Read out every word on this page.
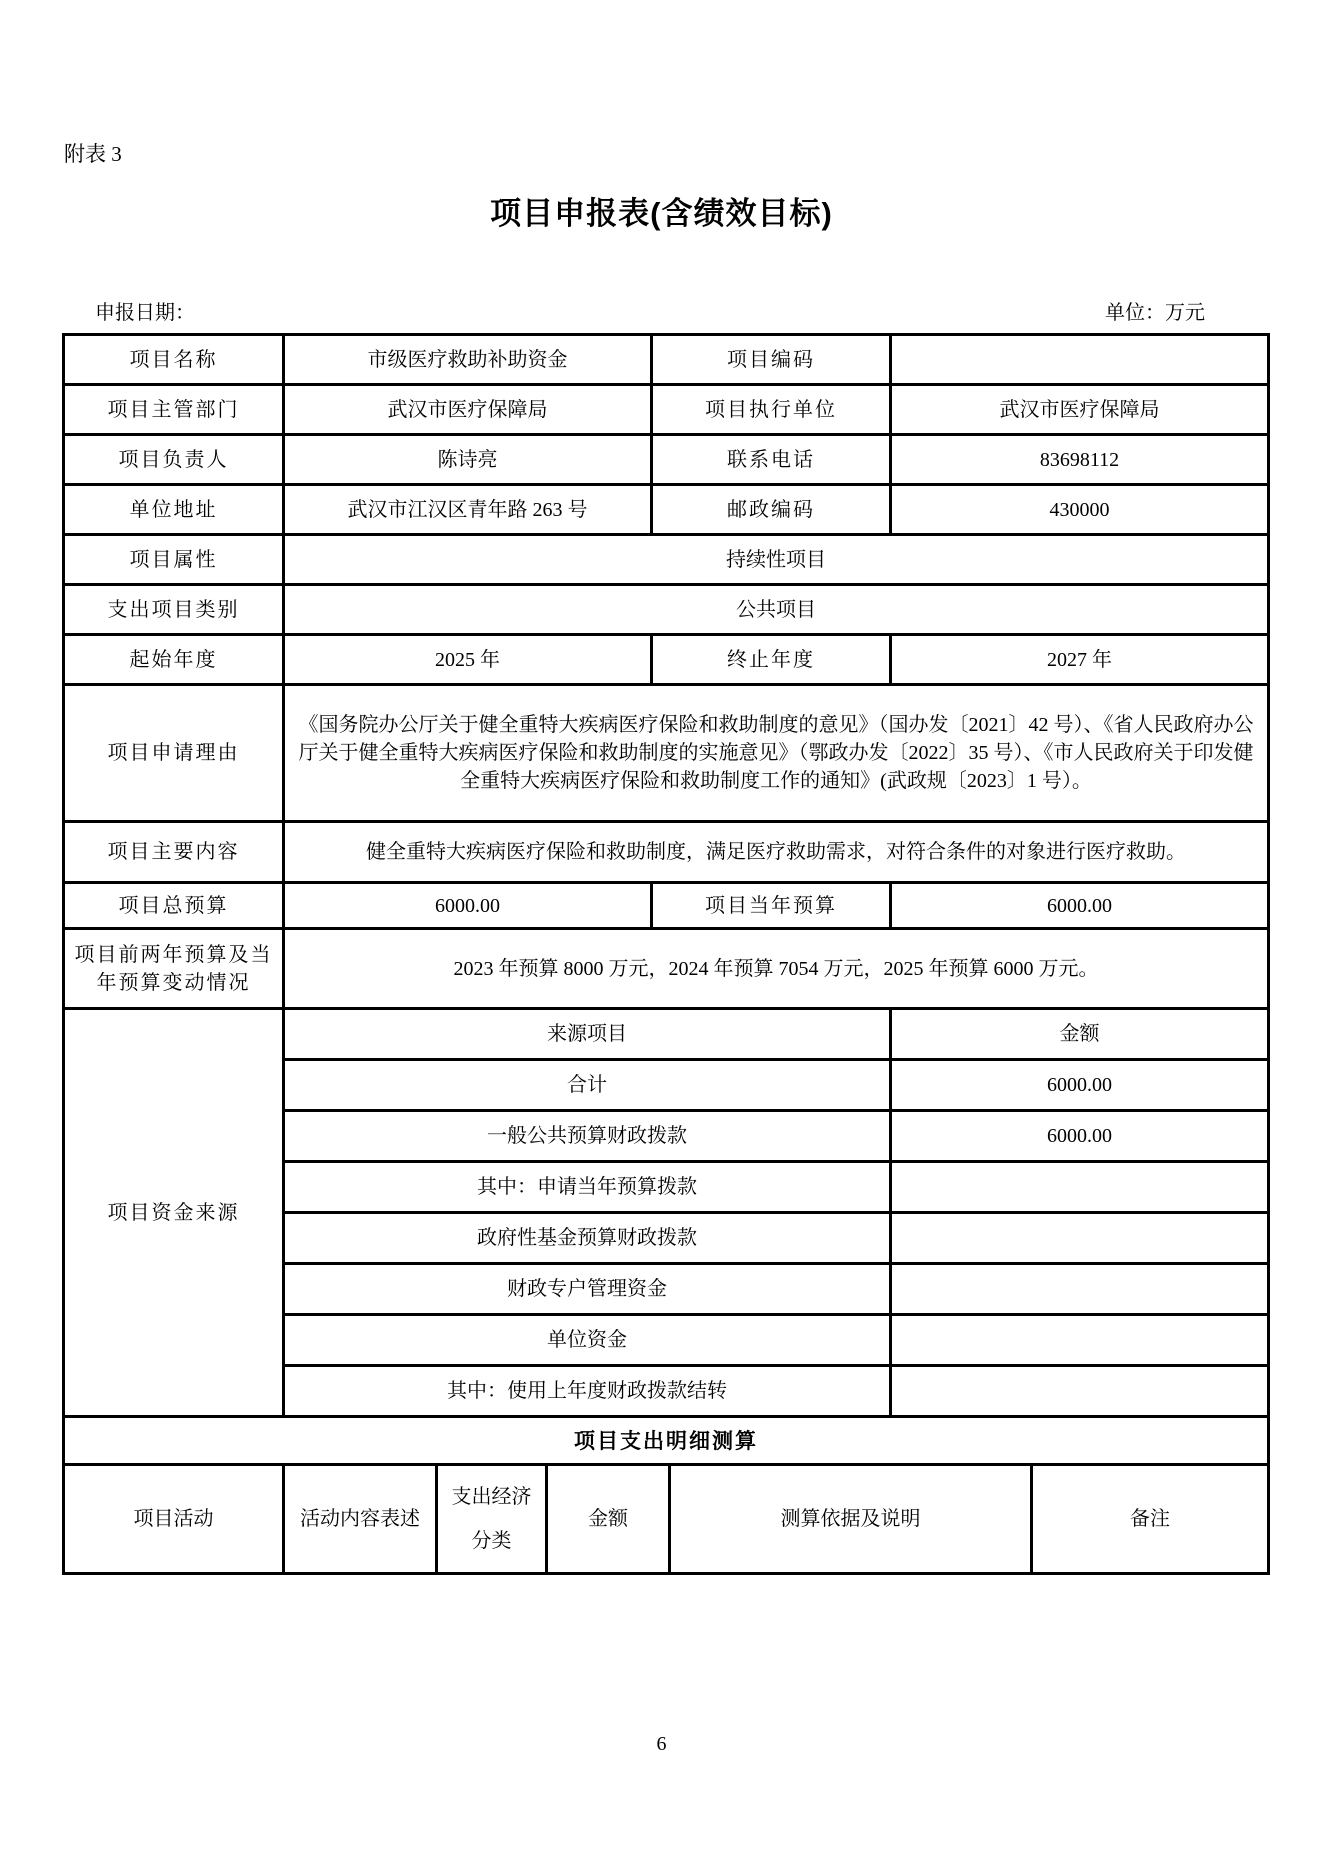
附表 3
项目申报表(含绩效目标)
申报日期：	单位：万元
项目名称	市级医疗救助补助资金			项目编码			
项目主管部门	武汉市医疗保障局			项目执行单位		武汉市医疗保障局	
项目负责人	陈诗亮			联系电话		83698112	
单位地址	武汉市江汉区青年路 263 号			邮政编码		430000	
项目属性	持续性项目						
支出项目类别	公共项目						
起始年度	2025 年			终止年度		2027 年	
项目申请理由	《国务院办公厅关于健全重特大疾病医疗保险和救助制度的意见》（国办发〔2021〕42 号）、《省人民政府办公厅关于健全重特大疾病医疗保险和救助制度的实施意见》（鄂政办发〔2022〕35 号）、《市人民政府关于印发健全重特大疾病医疗保险和救助制度工作的通知》(武政规〔2023〕1 号）。						
项目主要内容	健全重特大疾病医疗保险和救助制度，满足医疗救助需求，对符合条件的对象进行医疗救助。						
项目总预算	6000.00			项目当年预算		6000.00	
项目前两年预算及当年预算变动情况	2023 年预算 8000 万元，2024 年预算 7054 万元，2025 年预算 6000 万元。						
项目资金来源	来源项目					金额	
	合计					6000.00	
	一般公共预算财政拨款					6000.00	
	其中：申请当年预算拨款						
	政府性基金预算财政拨款						
	财政专户管理资金						
	单位资金						
	其中：使用上年度财政拨款结转						
项目支出明细测算							
项目活动	活动内容表述	支出经济分类	金额		测算依据及说明		备注
6
